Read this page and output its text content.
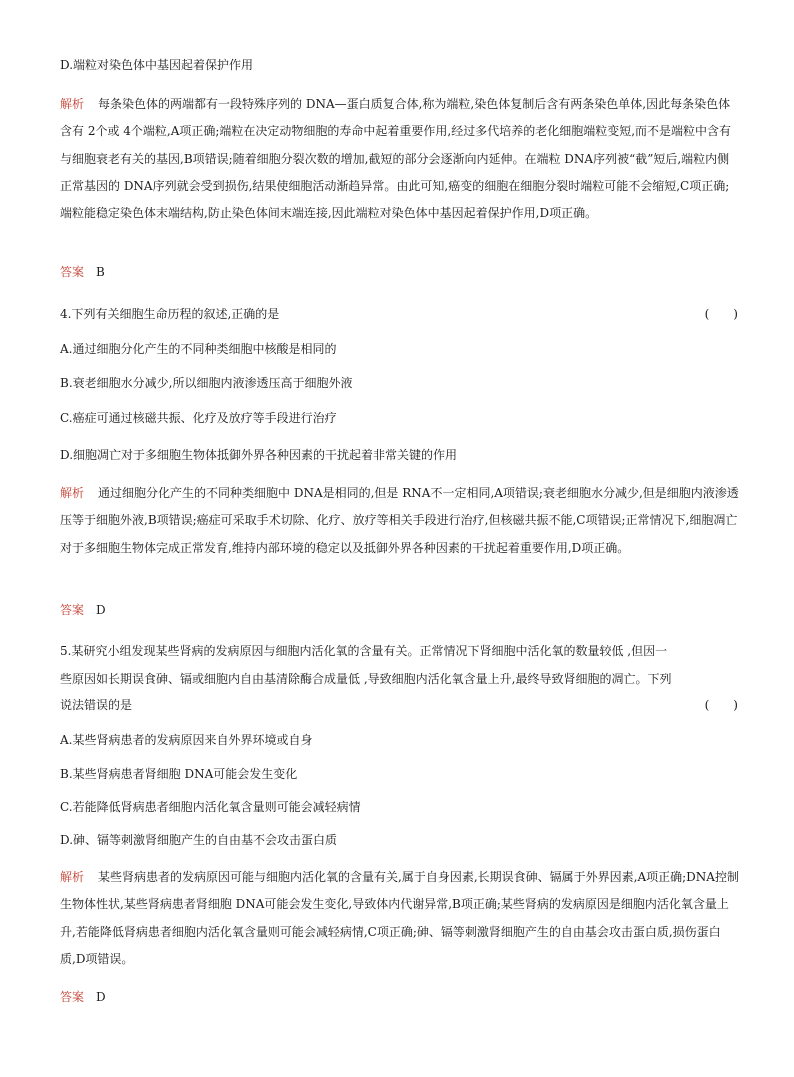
D.端粒对染色体中基因起着保护作用
解析 每条染色体的两端都有一段特殊序列的 DNA—蛋白质复合体,称为端粒,染色体复制后含有两条染色单体,因此每条染色体含有 2个或 4个端粒,A项正确;端粒在决定动物细胞的寿命中起着重要作用,经过多代培养的老化细胞端粒变短,而不是端粒中含有与细胞衰老有关的基因,B项错误;随着细胞分裂次数的增加,截短的部分会逐渐向内延伸。在端粒 DNA序列被“截”短后,端粒内侧正常基因的 DNA序列就会受到损伤,结果使细胞活动渐趋异常。由此可知,癌变的细胞在细胞分裂时端粒可能不会缩短,C项正确;端粒能稳定染色体末端结构,防止染色体间末端连接,因此端粒对染色体中基因起着保护作用,D项正确。
答案 B
4.下列有关细胞生命历程的叙述,正确的是	(　　)
A.通过细胞分化产生的不同种类细胞中核酸是相同的
B.衰老细胞水分减少,所以细胞内液渗透压高于细胞外液
C.癌症可通过核磁共振、化疗及放疗等手段进行治疗
D.细胞凋亡对于多细胞生物体抵御外界各种因素的干扰起着非常关键的作用
解析 通过细胞分化产生的不同种类细胞中 DNA是相同的,但是 RNA不一定相同,A项错误;衰老细胞水分减少,但是细胞内液渗透压等于细胞外液,B项错误;癌症可采取手术切除、化疗、放疗等相关手段进行治疗,但核磁共振不能,C项错误;正常情况下,细胞凋亡对于多细胞生物体完成正常发育,维持内部环境的稳定以及抵御外界各种因素的干扰起着重要作用,D项正确。
答案 D
5.某研究小组发现某些肾病的发病原因与细胞内活化氧的含量有关。正常情况下肾细胞中活化氧的数量较低 ,但因一
些原因如长期误食砷、镉或细胞内自由基清除酶合成量低 ,导致细胞内活化氧含量上升,最终导致肾细胞的凋亡。下列
说法错误的是	(　　)
A.某些肾病患者的发病原因来自外界环境或自身
B.某些肾病患者肾细胞 DNA可能会发生变化
C.若能降低肾病患者细胞内活化氧含量则可能会减轻病情
D.砷、镉等刺激肾细胞产生的自由基不会攻击蛋白质
解析 某些肾病患者的发病原因可能与细胞内活化氧的含量有关,属于自身因素,长期误食砷、镉属于外界因素,A项正确;DNA控制生物体性状,某些肾病患者肾细胞 DNA可能会发生变化,导致体内代谢异常,B项正确;某些肾病的发病原因是细胞内活化氧含量上升,若能降低肾病患者细胞内活化氧含量则可能会减轻病情,C项正确;砷、镉等刺激肾细胞产生的自由基会攻击蛋白质,损伤蛋白质,D项错误。
答案 D
